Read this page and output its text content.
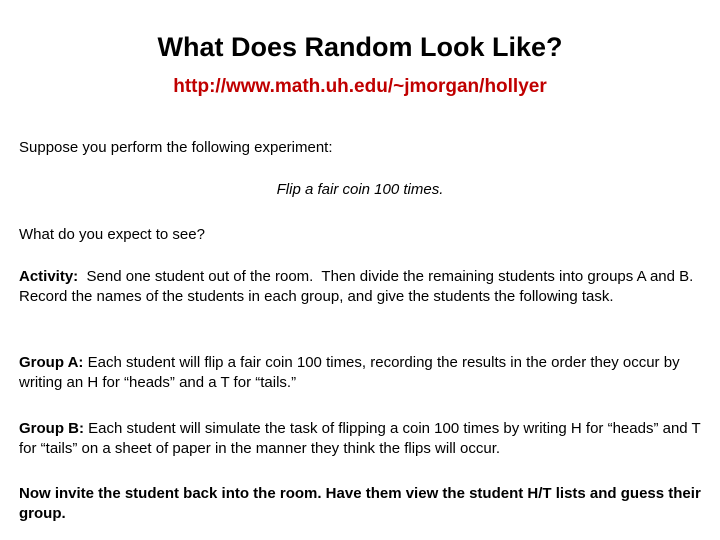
What Does Random Look Like?
http://www.math.uh.edu/~jmorgan/hollyer
Suppose you perform the following experiment:
Flip a fair coin 100 times.
What do you expect to see?
Activity:  Send one student out of the room.  Then divide the remaining students into groups A and B.  Record the names of the students in each group, and give the students the following task.
Group A: Each student will flip a fair coin 100 times, recording the results in the order they occur by writing an H for “heads” and a T for “tails.”
Group B: Each student will simulate the task of flipping a coin 100 times by writing H for “heads” and T for “tails” on a sheet of paper in the manner they think the flips will occur.
Now invite the student back into the room. Have them view the student H/T lists and guess their group.
